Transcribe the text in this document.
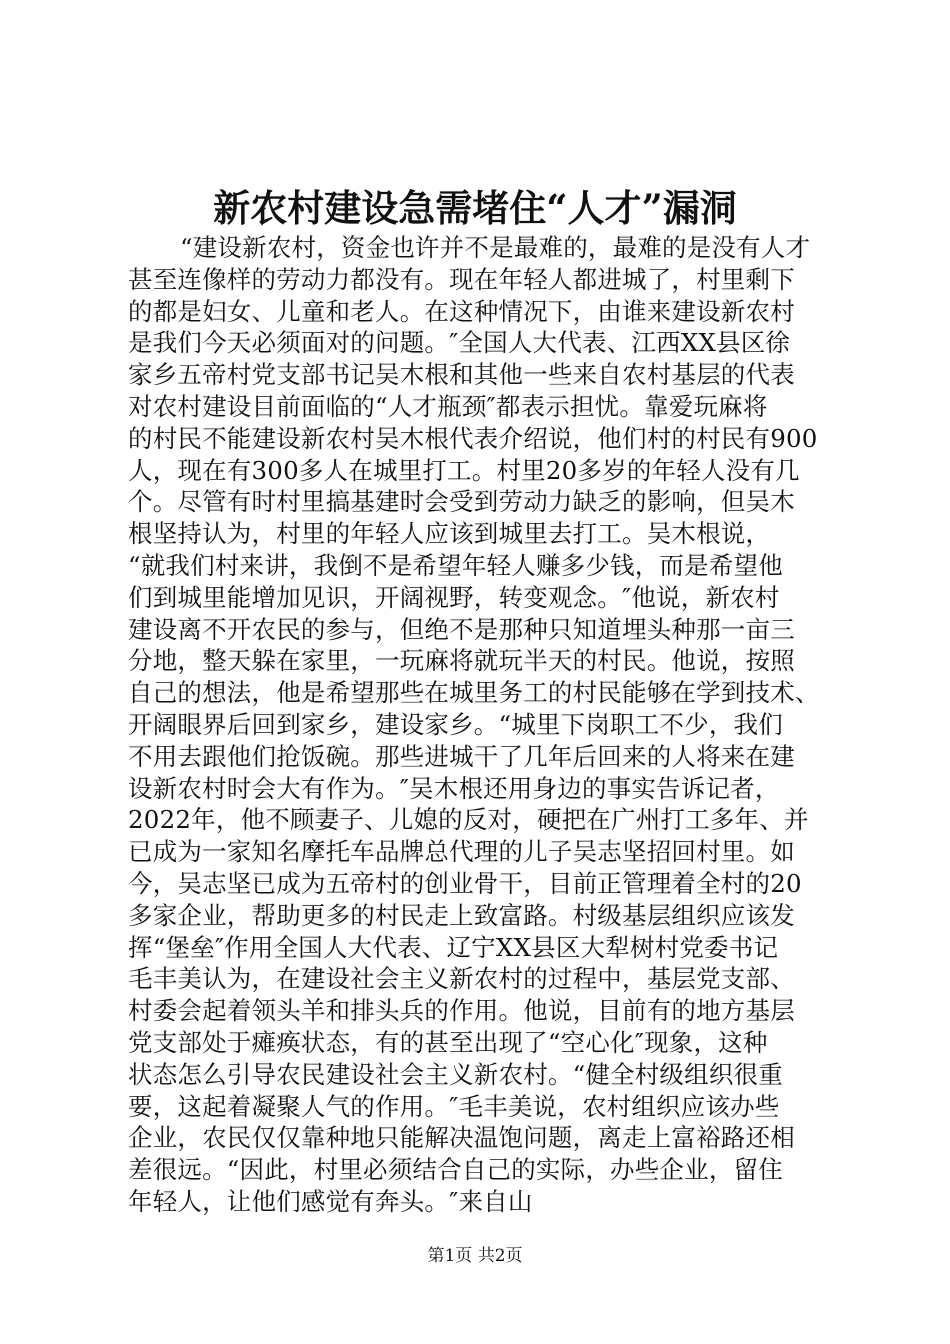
新农村建设急需堵住“人才”漏洞
“建设新农村，资金也许并不是最难的，最难的是没有人才
甚至连像样的劳动力都没有。现在年轻人都进城了，村里剩下
的都是妇女、儿童和老人。在这种情况下，由谁来建设新农村
是我们今天必须面对的问题。″全国人大代表、江西XX县区徐
家乡五帝村党支部书记吴木根和其他一些来自农村基层的代表
对农村建设目前面临的“人才瓶颈″都表示担忧。靠爱玩麻将
的村民不能建设新农村吴木根代表介绍说，他们村的村民有900
人，现在有300多人在城里打工。村里20多岁的年轻人没有几
个。尽管有时村里搞基建时会受到劳动力缺乏的影响，但吴木
根坚持认为，村里的年轻人应该到城里去打工。吴木根说，
“就我们村来讲，我倒不是希望年轻人赚多少钱，而是希望他
们到城里能增加见识，开阔视野，转变观念。″他说，新农村
建设离不开农民的参与，但绝不是那种只知道埋头种那一亩三
分地，整天躲在家里，一玩麻将就玩半天的村民。他说，按照
自己的想法，他是希望那些在城里务工的村民能够在学到技术、
开阔眼界后回到家乡，建设家乡。“城里下岗职工不少，我们
不用去跟他们抢饭碗。那些进城干了几年后回来的人将来在建
设新农村时会大有作为。″吴木根还用身边的事实告诉记者，
2022年，他不顾妻子、儿媳的反对，硬把在广州打工多年、并
已成为一家知名摩托车品牌总代理的儿子吴志坚招回村里。如
今，吴志坚已成为五帝村的创业骨干，目前正管理着全村的20
多家企业，帮助更多的村民走上致富路。村级基层组织应该发
挥“堡垒″作用全国人大代表、辽宁XX县区大犁树村党委书记
毛丰美认为，在建设社会主义新农村的过程中，基层党支部、
村委会起着领头羊和排头兵的作用。他说，目前有的地方基层
党支部处于瘫痪状态，有的甚至出现了“空心化″现象，这种
状态怎么引导农民建设社会主义新农村。“健全村级组织很重
要，这起着凝聚人气的作用。″毛丰美说，农村组织应该办些
企业，农民仅仅靠种地只能解决温饱问题，离走上富裕路还相
差很远。“因此，村里必须结合自己的实际，办些企业，留住
年轻人，让他们感觉有奔头。″来自山
第1页 共2页
